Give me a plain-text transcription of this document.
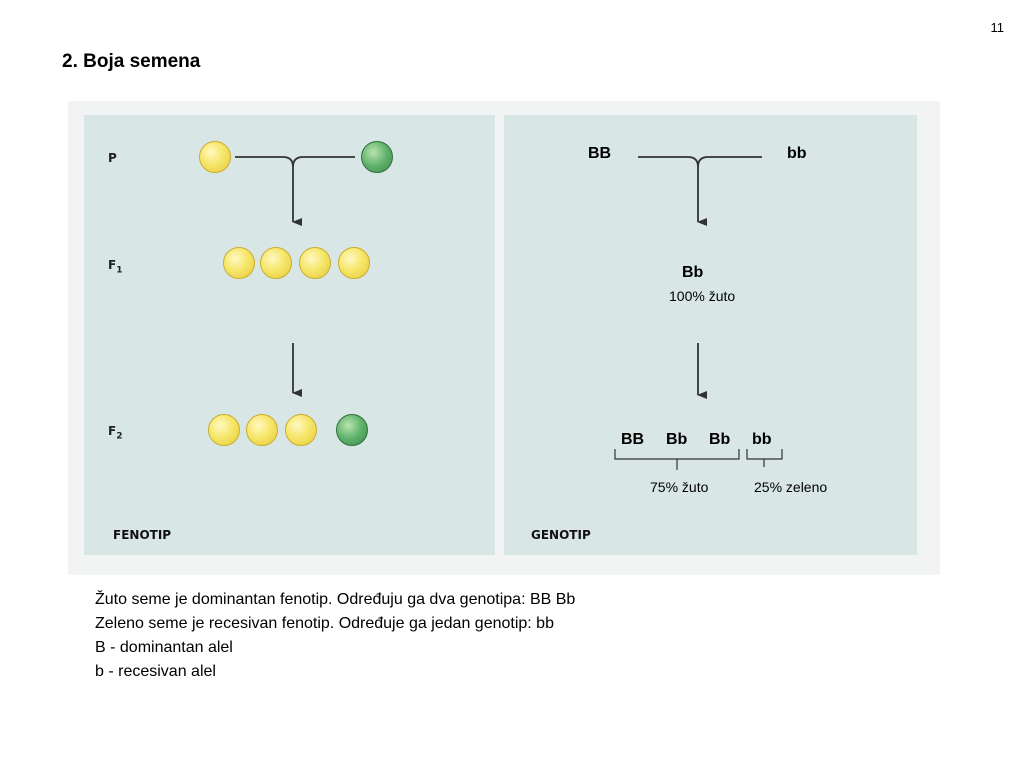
11
2. Boja semena
P
$F_1$
$F_2$
FENOTIP
BB	bb
Bb
100% žuto
BB Bb Bb bb
75% žuto	25% zeleno
GENOTIP
Žuto seme je dominantan fenotip. Određuju ga dva genotipa: BB Bb
Zeleno seme je recesivan fenotip. Određuje ga jedan genotip: bb
B - dominantan alel
b - recesivan alel
